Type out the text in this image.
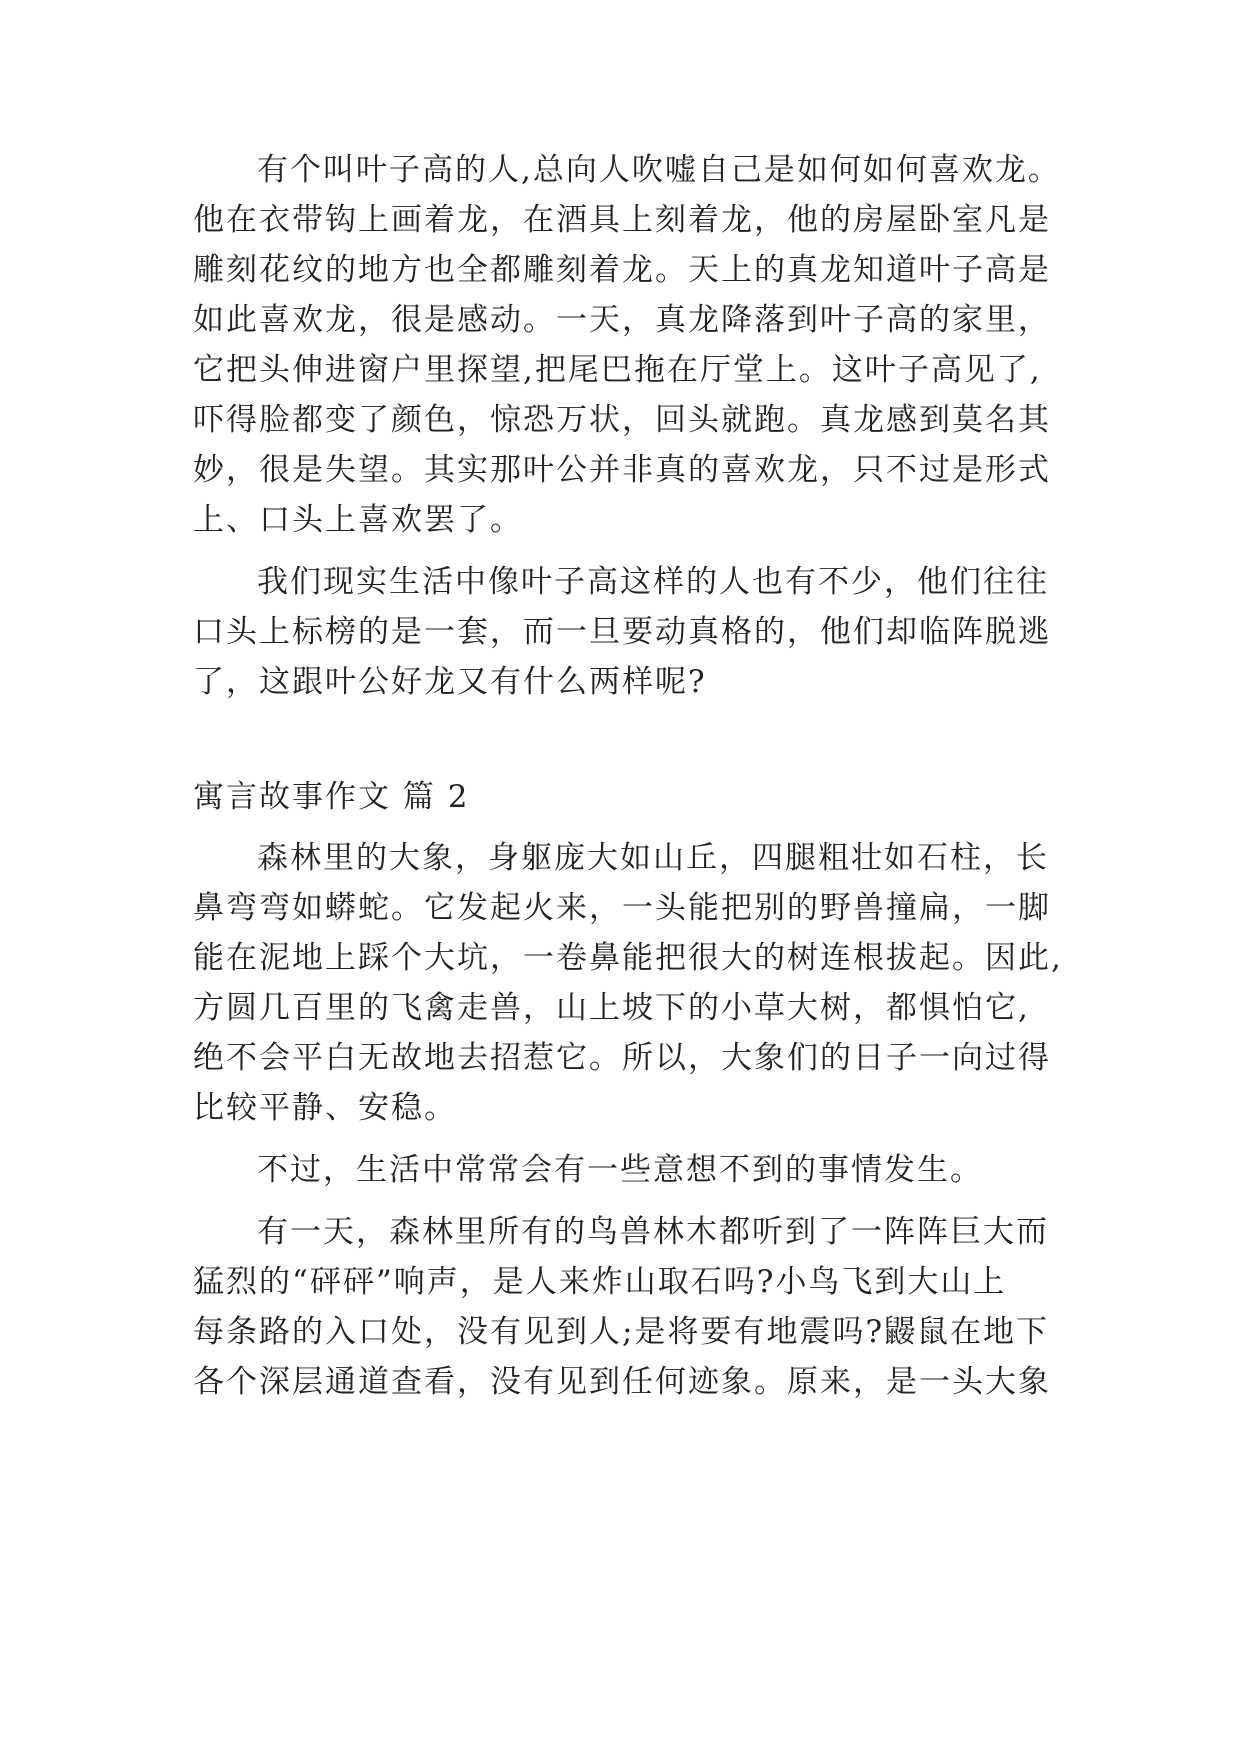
有个叫叶子高的人,总向人吹嘘自己是如何如何喜欢龙。
他在衣带钩上画着龙，在酒具上刻着龙，他的房屋卧室凡是
雕刻花纹的地方也全都雕刻着龙。天上的真龙知道叶子高是
如此喜欢龙，很是感动。一天，真龙降落到叶子高的家里，
它把头伸进窗户里探望,把尾巴拖在厅堂上。这叶子高见了,
吓得脸都变了颜色，惊恐万状，回头就跑。真龙感到莫名其
妙，很是失望。其实那叶公并非真的喜欢龙，只不过是形式
上、口头上喜欢罢了。
我们现实生活中像叶子高这样的人也有不少，他们往往
口头上标榜的是一套，而一旦要动真格的，他们却临阵脱逃
了，这跟叶公好龙又有什么两样呢?
寓言故事作文 篇 2
森林里的大象，身躯庞大如山丘，四腿粗壮如石柱，长
鼻弯弯如蟒蛇。它发起火来，一头能把别的野兽撞扁，一脚
能在泥地上踩个大坑，一卷鼻能把很大的树连根拔起。因此,
方圆几百里的飞禽走兽，山上坡下的小草大树，都惧怕它,
绝不会平白无故地去招惹它。所以，大象们的日子一向过得
比较平静、安稳。
不过，生活中常常会有一些意想不到的事情发生。
有一天，森林里所有的鸟兽林木都听到了一阵阵巨大而
猛烈的“砰砰”响声，是人来炸山取石吗?小鸟飞到大山上
每条路的入口处，没有见到人;是将要有地震吗?鼹鼠在地下
各个深层通道查看，没有见到任何迹象。原来，是一头大象
